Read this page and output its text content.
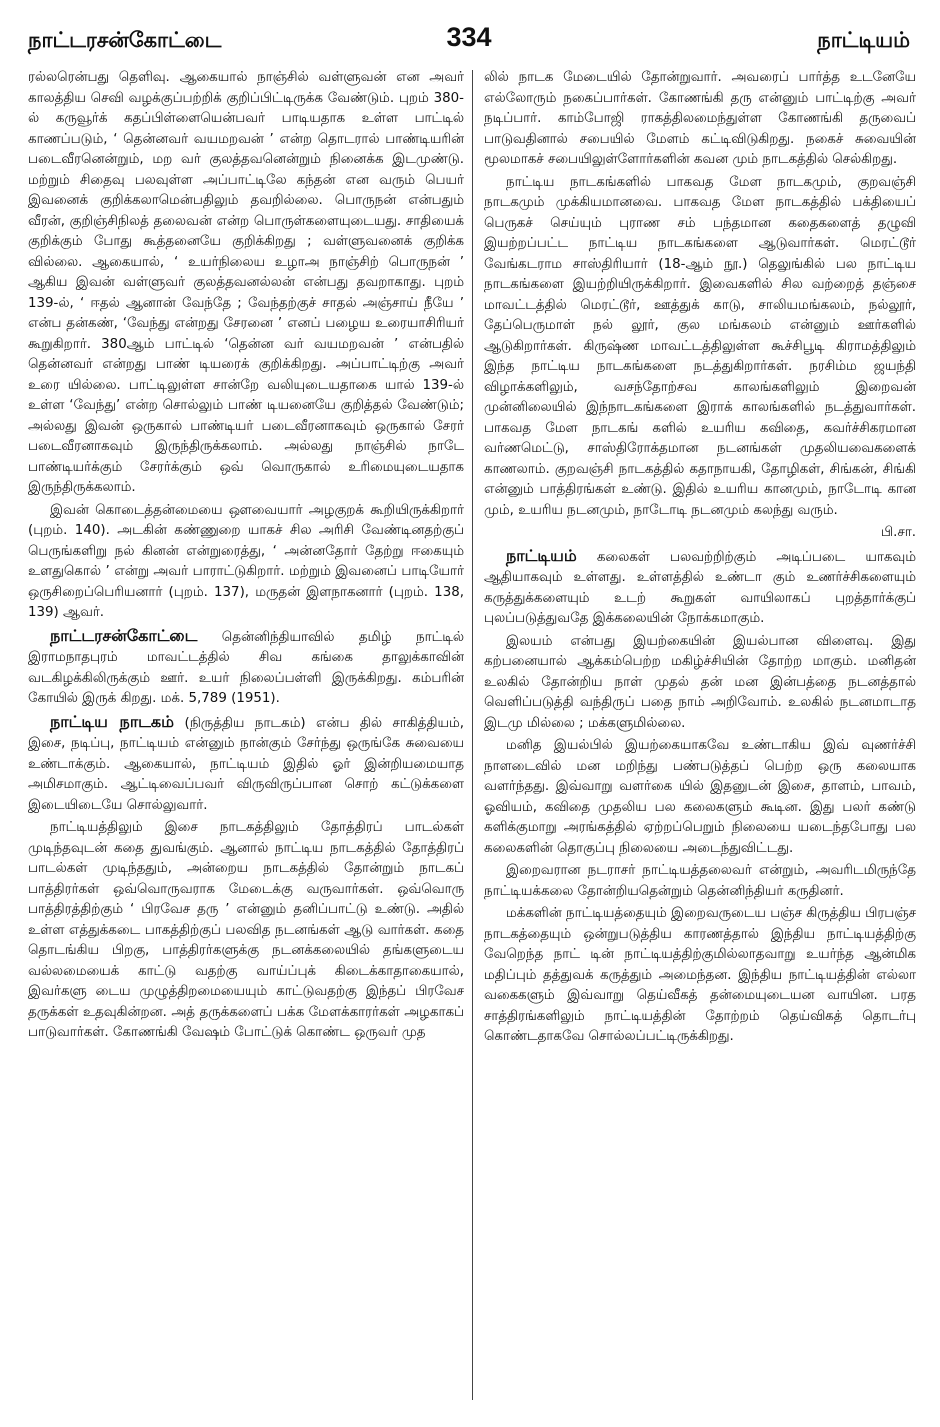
நாட்டரசன்கோட்டை	334	நாட்டியம்

ரல்லரென்பது தெளிவு. ஆகையால் நாஞ்சில் வள்ளுவன் என அவர் காலத்திய செவி வழக்குப்பற்றிக் குறிப்பிட்டிருக்க வேண்டும். புறம் 380-ல் கருவூர்க் கதப்பிள்ளையென்பவர் பாடியதாக உள்ள பாட்டில் காணப்படும், ‘ தென்னவர் வயமறவன் ’ என்ற தொடரால் பாண்டியரின் படைவீரனென்றும், மற வர் குலத்தவனென்றும் நினைக்க இடமுண்டு. மற்றும் சிதைவு பலவுள்ள அப்பாட்டிலே கந்தன் என வரும் பெயர் இவனைக் குறிக்கலாமென்பதிலும் தவறில்லை. பொருநன் என்பதும் வீரன், குறிஞ்சிநிலத் தலைவன் என்ற பொருள்களையுடையது. சாதியைக் குறிக்கும் போது கூத்தனையே குறிக்கிறது ; வள்ளுவனைக் குறிக்க வில்லை. ஆகையால், ‘ உயர்நிலைய உழாஅ நாஞ்சிற் பொருநன் ’ ஆகிய இவன் வள்ளுவர் குலத்தவனல்லன் என்பது தவறாகாது. புறம் 139-ல், ‘ ஈதல் ஆனான் வேந்தே ; வேந்தற்குச் சாதல் அஞ்சாய் நீயே ’ என்ப தன்கண், ‘வேந்து என்றது சேரனை ’ எனப் பழைய உரையாசிரியர் கூறுகிறார். 380ஆம் பாட்டில் ‘தென்ன வர் வயமறவன் ’ என்பதில் தென்னவர் என்றது பாண் டியரைக் குறிக்கிறது. அப்பாட்டிற்கு அவர் உரை யில்லை. பாட்டிலுள்ள சான்றே வலியுடையதாகை யால் 139-ல் உள்ள ‘வேந்து’ என்ற சொல்லும் பாண் டியனையே குறித்தல் வேண்டும்; அல்லது இவன் ஒருகால் பாண்டியர் படைவீரனாகவும் ஒருகால் சேரர் படைவீரனாகவும் இருந்திருக்கலாம். அல்லது நாஞ்சில் நாடே பாண்டியர்க்கும் சேரர்க்கும் ஒவ் வொருகால் உரிமையுடையதாக இருந்திருக்கலாம்.

இவன் கொடைத்தன்மையை ஔவையார் அழகுறக் கூறியிருக்கிறார் (புறம். 140). அடகின் கண்ணுறை யாகச் சில அரிசி வேண்டினதற்குப் பெருங்களிறு நல் கினன் என்றுரைத்து, ‘ அன்னதோர் தேற்று ஈகையும் உளதுகொல் ’ என்று அவர் பாராட்டுகிறார். மற்றும் இவனைப் பாடியோர் ஒருசிறைப்பெரியனார் (புறம். 137), மருதன் இளநாகனார் (புறம். 138, 139) ஆவர்.

நாட்டரசன்கோட்டை தென்னிந்தியாவில் தமிழ் நாட்டில் இராமநாதபுரம் மாவட்டத்தில் சிவ கங்கை தாலுக்காவின் வடகிழக்கிலிருக்கும் ஊர். உயர் நிலைப்பள்ளி இருக்கிறது. கம்பரின் கோயில் இருக் கிறது. மக். 5,789 (1951).

நாட்டிய நாடகம் (நிருத்திய நாடகம்) என்ப தில் சாகித்தியம், இசை, நடிப்பு, நாட்டியம் என்னும் நான்கும் சேர்ந்து ஒருங்கே சுவையை உண்டாக்கும். ஆகையால், நாட்டியம் இதில் ஓர் இன்றியமையாத அமிசமாகும். ஆட்டிவைப்பவர் விருவிருப்பான சொற் கட்டுக்களை இடையிடையே சொல்லுவார்.

நாட்டியத்திலும் இசை நாடகத்திலும் தோத்திரப் பாடல்கள் முடிந்தவுடன் கதை துவங்கும். ஆனால் நாட்டிய நாடகத்தில் தோத்திரப் பாடல்கள் முடிந்ததும், அன்றைய நாடகத்தில் தோன்றும் நாடகப் பாத்திரர்கள் ஒவ்வொருவராக மேடைக்கு வருவார்கள். ஒவ்வொரு பாத்திரத்திற்கும் ‘ பிரவேச தரு ’ என்னும் தனிப்பாட்டு உண்டு. அதில் உள்ள எத்துக்கடை பாகத்திற்குப் பலவித நடனங்கள் ஆடு வார்கள். கதை தொடங்கிய பிறகு, பாத்திரர்களுக்கு நடனக்கலையில் தங்களுடைய வல்லமையைக் காட்டு வதற்கு வாய்ப்புக் கிடைக்காதாகையால், இவர்களு டைய முழுத்திறமையையும் காட்டுவதற்கு இந்தப் பிரவேச தருக்கள் உதவுகின்றன. அத் தருக்களைப் பக்க மேளக்காரர்கள் அழகாகப் பாடுவார்கள். கோணங்கி வேஷம் போட்டுக் கொண்ட ஒருவர் முத

லில் நாடக மேடையில் தோன்றுவார். அவரைப் பார்த்த உடனேயே எல்லோரும் நகைப்பார்கள். கோணங்கி தரு என்னும் பாட்டிற்கு அவர் நடிப்பார். காம்போஜி ராகத்திலமைந்துள்ள கோணங்கி தருவைப் பாடுவதினால் சபையில் மேளம் கட்டிவிடுகிறது. நகைச் சுவையின் மூலமாகச் சபையிலுள்ளோர்களின் கவன மும் நாடகத்தில் செல்கிறது.

நாட்டிய நாடகங்களில் பாகவத மேள நாடகமும், குறவஞ்சி நாடகமும் முக்கியமானவை. பாகவத மேள நாடகத்தில் பக்தியைப் பெருகச் செய்யும் புராண சம் பந்தமான கதைகளைத் தழுவி இயற்றப்பட்ட நாட்டிய நாடகங்களை ஆடுவார்கள். மெரட்டூர் வேங்கடராம சாஸ்திரியார் (18-ஆம் நூ.) தெலுங்கில் பல நாட்டிய நாடகங்களை இயற்றியிருக்கிறார். இவைகளில் சில வற்றைத் தஞ்சை மாவட்டத்தில் மெரட்டூர், ஊத்துக் காடு, சாலியமங்கலம், நல்லூர், தேப்பெருமாள் நல் லூர், குல மங்கலம் என்னும் ஊர்களில் ஆடுகிறார்கள். கிருஷ்ண மாவட்டத்திலுள்ள கூச்சிபூடி கிராமத்திலும் இந்த நாட்டிய நாடகங்களை நடத்துகிறார்கள். நரசிம்ம ஜயந்தி விழாக்களிலும், வசந்தோற்சவ காலங்களிலும் இறைவன் முன்னிலையில் இந்நாடகங்களை இராக் காலங்களில் நடத்துவார்கள். பாகவத மேள நாடகங் களில் உயரிய கவிதை, கவர்ச்சிகரமான வர்ணமெட்டு, சாஸ்திரோக்தமான நடனங்கள் முதலியவைகளைக் காணலாம். குறவஞ்சி நாடகத்தில் கதாநாயகி, தோழிகள், சிங்கன், சிங்கி என்னும் பாத்திரங்கள் உண்டு. இதில் உயரிய கானமும், நாடோடி கான மும், உயரிய நடனமும், நாடோடி நடனமும் கலந்து வரும்.

பி.சா.

நாட்டியம் கலைகள் பலவற்றிற்கும் அடிப்படை யாகவும் ஆதியாகவும் உள்ளது. உள்ளத்தில் உண்டா கும் உணர்ச்சிகளையும் கருத்துக்களையும் உடற் கூறுகள் வாயிலாகப் புறத்தார்க்குப் புலப்படுத்துவதே இக்கலையின் நோக்கமாகும்.

இலயம் என்பது இயற்கையின் இயல்பான விளைவு. இது கற்பனையால் ஆக்கம்பெற்ற மகிழ்ச்சியின் தோற்ற மாகும். மனிதன் உலகில் தோன்றிய நாள் முதல் தன் மன இன்பத்தை நடனத்தால் வெளிப்படுத்தி வந்திருப் பதை நாம் அறிவோம். உலகில் நடனமாடாத இடமு மில்லை ; மக்களுமில்லை.

மனித இயல்பில் இயற்கையாகவே உண்டாகிய இவ் வுணர்ச்சி நாளடைவில் மன மறிந்து பண்படுத்தப் பெற்ற ஒரு கலையாக வளர்ந்தது. இவ்வாறு வளர்கை யில் இதனுடன் இசை, தாளம், பாவம், ஓவியம், கவிதை முதலிய பல கலைகளும் கூடின. இது பலர் கண்டு களிக்குமாறு அரங்கத்தில் ஏற்றப்பெறும் நிலையை யடைந்தபோது பல கலைகளின் தொகுப்பு நிலையை அடைந்துவிட்டது.

இறைவரான நடராசர் நாட்டியத்தலைவர் என்றும், அவரிடமிருந்தே நாட்டியக்கலை தோன்றியதென்றும் தென்னிந்தியர் கருதினர்.

மக்களின் நாட்டியத்தையும் இறைவருடைய பஞ்ச கிருத்திய பிரபஞ்ச நாடகத்தையும் ஒன்றுபடுத்திய காரணத்தால் இந்திய நாட்டியத்திற்கு வேறெந்த நாட் டின் நாட்டியத்திற்குமில்லாதவாறு உயர்ந்த ஆன்மிக மதிப்பும் தத்துவக் கருத்தும் அமைந்தன. இந்திய நாட்டியத்தின் எல்லா வகைகளும் இவ்வாறு தெய்வீகத் தன்மையுடையன வாயின. பரத சாத்திரங்களிலும் நாட்டியத்தின் தோற்றம் தெய்விகத் தொடர்பு கொண்டதாகவே சொல்லப்பட்டிருக்கிறது.
